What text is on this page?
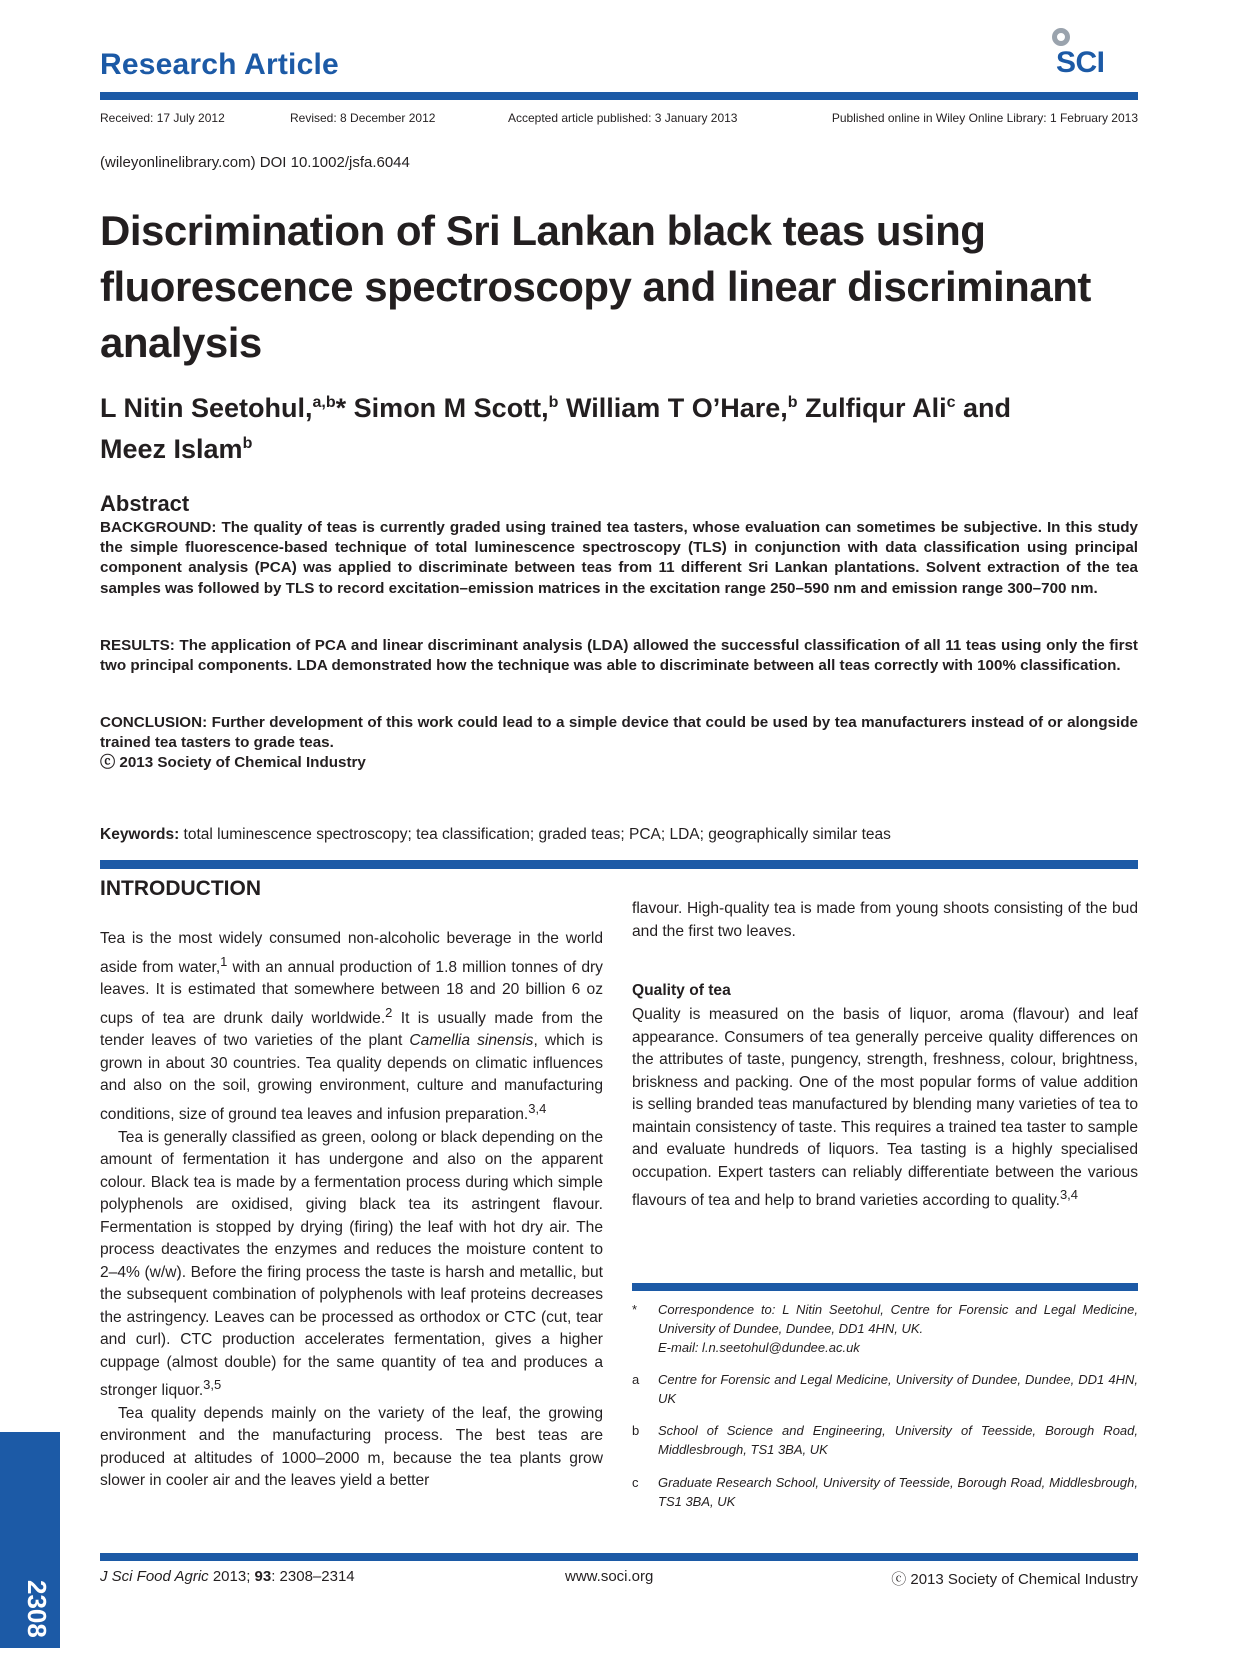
Research Article	SCI
Received: 17 July 2012	Revised: 8 December 2012	Accepted article published: 3 January 2013	Published online in Wiley Online Library: 1 February 2013
(wileyonlinelibrary.com) DOI 10.1002/jsfa.6044
Discrimination of Sri Lankan black teas using fluorescence spectroscopy and linear discriminant analysis
L Nitin Seetohul,$^{a,b}$* Simon M Scott,$^b$ William T O’Hare,$^b$ Zulfiqur Ali$^c$ and
Meez Islam$^b$
Abstract
BACKGROUND: The quality of teas is currently graded using trained tea tasters, whose evaluation can sometimes be subjective. In this study the simple fluorescence-based technique of total luminescence spectroscopy (TLS) in conjunction with data classification using principal component analysis (PCA) was applied to discriminate between teas from 11 different Sri Lankan plantations. Solvent extraction of the tea samples was followed by TLS to record excitation–emission matrices in the excitation range 250–590 nm and emission range 300–700 nm.
RESULTS: The application of PCA and linear discriminant analysis (LDA) allowed the successful classification of all 11 teas using only the first two principal components. LDA demonstrated how the technique was able to discriminate between all teas correctly with 100% classification.
CONCLUSION: Further development of this work could lead to a simple device that could be used by tea manufacturers instead of or alongside trained tea tasters to grade teas.
ⓒ 2013 Society of Chemical Industry
Keywords: total luminescence spectroscopy; tea classification; graded teas; PCA; LDA; geographically similar teas
INTRODUCTION

Tea is the most widely consumed non-alcoholic beverage in the world aside from water,$^1$ with an annual production of 1.8 million tonnes of dry leaves. It is estimated that somewhere between 18 and 20 billion 6 oz cups of tea are drunk daily worldwide.$^2$ It is usually made from the tender leaves of two varieties of the plant Camellia sinensis, which is grown in about 30 countries. Tea quality depends on climatic influences and also on the soil, growing environment, culture and manufacturing conditions, size of ground tea leaves and infusion preparation.$^{3,4}$

Tea is generally classified as green, oolong or black depending on the amount of fermentation it has undergone and also on the apparent colour. Black tea is made by a fermentation process during which simple polyphenols are oxidised, giving black tea its astringent flavour. Fermentation is stopped by drying (firing) the leaf with hot dry air. The process deactivates the enzymes and reduces the moisture content to 2–4% (w/w). Before the firing process the taste is harsh and metallic, but the subsequent combination of polyphenols with leaf proteins decreases the astringency. Leaves can be processed as orthodox or CTC (cut, tear and curl). CTC production accelerates fermentation, gives a higher cuppage (almost double) for the same quantity of tea and produces a stronger liquor.$^{3,5}$

Tea quality depends mainly on the variety of the leaf, the growing environment and the manufacturing process. The best teas are produced at altitudes of 1000–2000 m, because the tea plants grow slower in cooler air and the leaves yield a better

flavour. High-quality tea is made from young shoots consisting of the bud and the first two leaves.
Quality of tea

Quality is measured on the basis of liquor, aroma (flavour) and leaf appearance. Consumers of tea generally perceive quality differences on the attributes of taste, pungency, strength, freshness, colour, brightness, briskness and packing. One of the most popular forms of value addition is selling branded teas manufactured by blending many varieties of tea to maintain consistency of taste. This requires a trained tea taster to sample and evaluate hundreds of liquors. Tea tasting is a highly specialised occupation. Expert tasters can reliably differentiate between the various flavours of tea and help to brand varieties according to quality.$^{3,4}$

* Correspondence to: L Nitin Seetohul, Centre for Forensic and Legal Medicine, University of Dundee, Dundee, DD1 4HN, UK.
E-mail: l.n.seetohul@dundee.ac.uk
a Centre for Forensic and Legal Medicine, University of Dundee, Dundee, DD1 4HN, UK
b School of Science and Engineering, University of Teesside, Borough Road, Middlesbrough, TS1 3BA, UK
c Graduate Research School, University of Teesside, Borough Road, Middlesbrough, TS1 3BA, UK
2308
J Sci Food Agric 2013; 93: 2308–2314	www.soci.org	ⓒ 2013 Society of Chemical Industry
